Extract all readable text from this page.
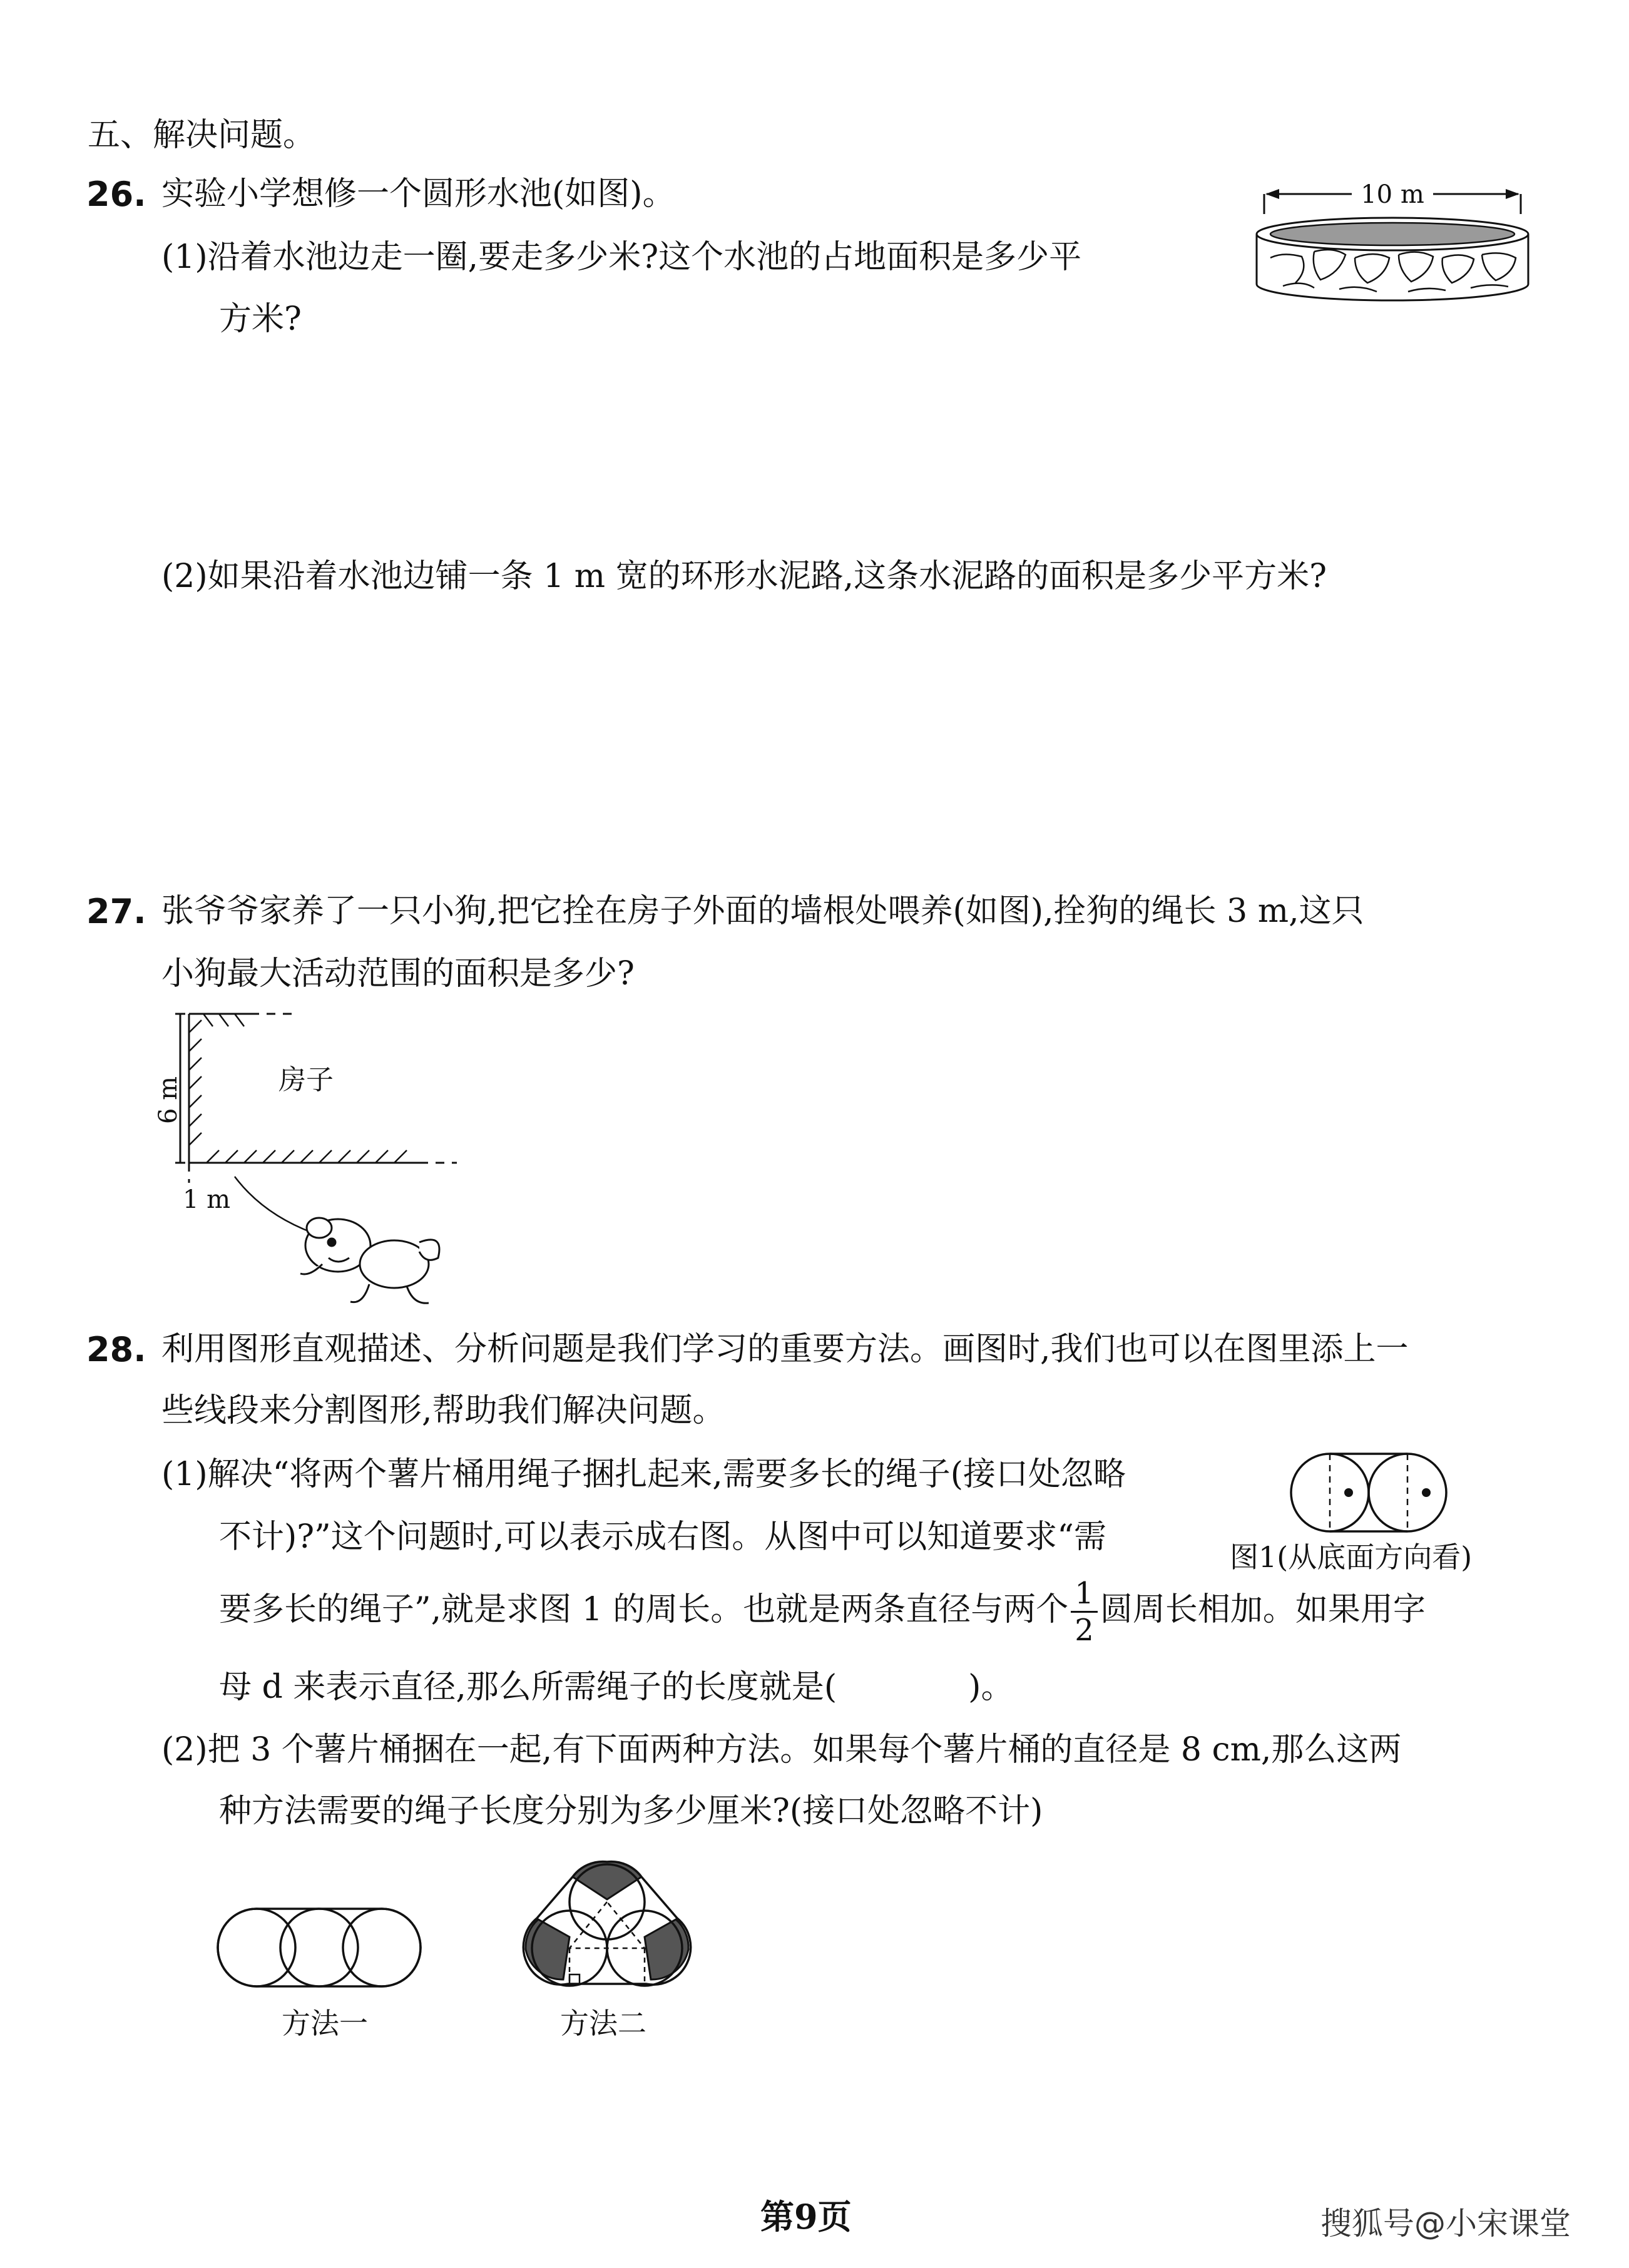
五、解决问题。
26. 实验小学想修一个圆形水池(如图)。
(1)沿着水池边走一圈,要走多少米?这个水池的占地面积是多少平
方米?
(2)如果沿着水池边铺一条 1 m 宽的环形水泥路,这条水泥路的面积是多少平方米?
10 m
27. 张爷爷家养了一只小狗,把它拴在房子外面的墙根处喂养(如图),拴狗的绳长 3 m,这只
小狗最大活动范围的面积是多少?
房子
6 m
1 m
28. 利用图形直观描述、分析问题是我们学习的重要方法。画图时,我们也可以在图里添上一
些线段来分割图形,帮助我们解决问题。
(1)解决“将两个薯片桶用绳子捆扎起来,需要多长的绳子(接口处忽略
不计)?”这个问题时,可以表示成右图。从图中可以知道要求“需
要多长的绳子”,就是求图 1 的周长。也就是两条直径与两个 $\frac{1}{2}$ 圆周长相加。如果用字
母 d 来表示直径,那么所需绳子的长度就是(	)。
图1(从底面方向看)
(2)把 3 个薯片桶捆在一起,有下面两种方法。如果每个薯片桶的直径是 8 cm,那么这两
种方法需要的绳子长度分别为多少厘米?(接口处忽略不计)
方法一	方法二
第9页	搜狐号@小宋课堂
